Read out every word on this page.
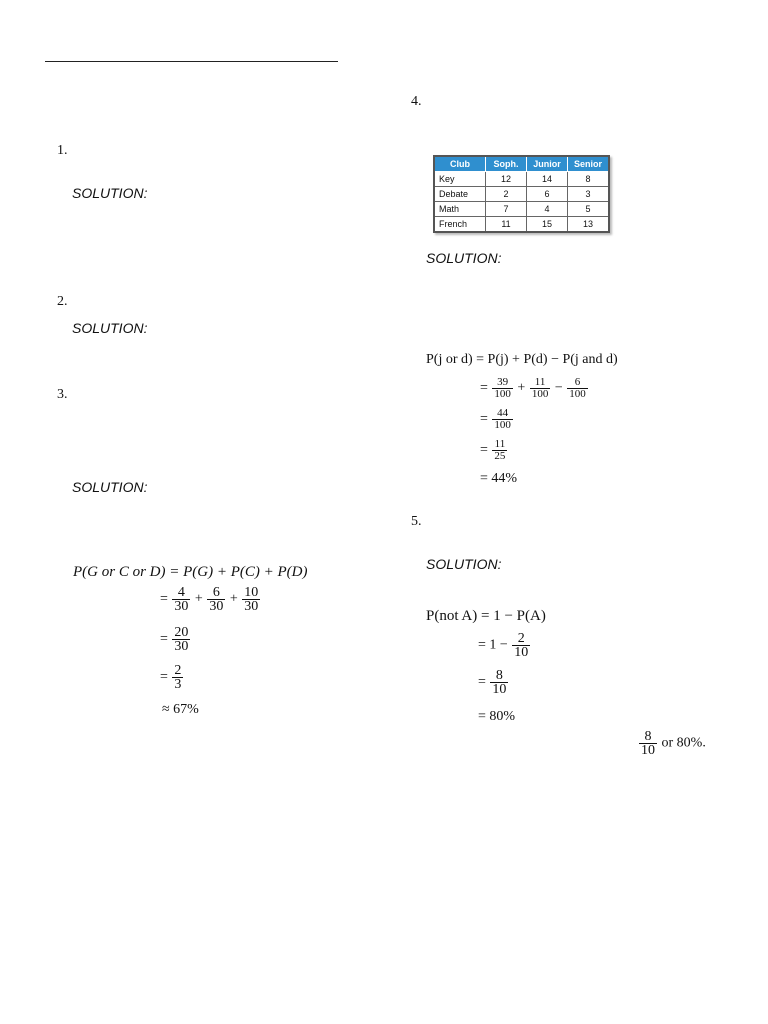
1.
SOLUTION:
2.
SOLUTION:
3.
SOLUTION:
P(G or C or D) = P(G) + P(C) + P(D)
= $\frac{4}{30} + \frac{6}{30} + \frac{10}{30}$
= $\frac{20}{30}$
= $\frac{2}{3}$
≈ 67%
4.
Club	Soph.	Junior	Senior
Key	12	14	8
Debate	2	6	3
Math	7	4	5
French	11	15	13
SOLUTION:
P(j or d) = P(j) + P(d) − P(j and d)
= $\frac{39}{100} + \frac{11}{100} - \frac{6}{100}$
= $\frac{44}{100}$
= $\frac{11}{25}$
= 44%
5.
SOLUTION:
P(not A) = 1 − P(A)
= $1 - \frac{2}{10}$
= $\frac{8}{10}$
= 80%
$\frac{8}{10}$ or 80%.
